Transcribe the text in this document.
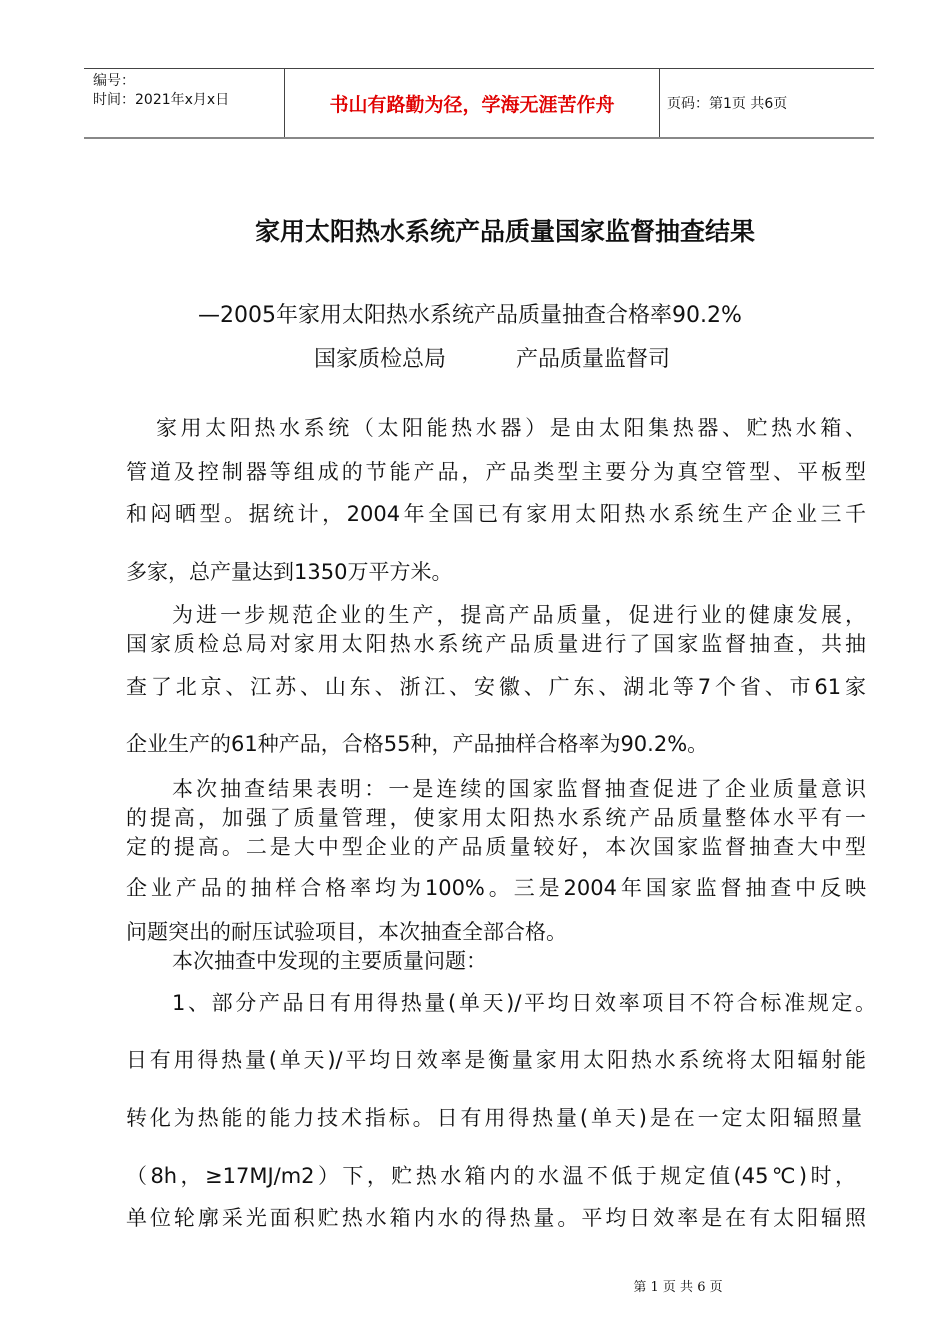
编号：
时间：2021年x月x日	书山有路勤为径，学海无涯苦作舟	页码：第1页 共6页
家用太阳热水系统产品质量国家监督抽查结果
—2005年家用太阳热水系统产品质量抽查合格率90.2%
国家质检总局	产品质量监督司
家用太阳热水系统（太阳能热水器）是由太阳集热器、贮热水箱、
管道及控制器等组成的节能产品，产品类型主要分为真空管型、平板型
和闷晒型。据统计，2004年全国已有家用太阳热水系统生产企业三千
多家，总产量达到1350万平方米。
为进一步规范企业的生产，提高产品质量，促进行业的健康发展，
国家质检总局对家用太阳热水系统产品质量进行了国家监督抽查，共抽
查了北京、江苏、山东、浙江、安徽、广东、湖北等7个省、市61家
企业生产的61种产品，合格55种，产品抽样合格率为90.2%。
本次抽查结果表明：一是连续的国家监督抽查促进了企业质量意识
的提高，加强了质量管理，使家用太阳热水系统产品质量整体水平有一
定的提高。二是大中型企业的产品质量较好，本次国家监督抽查大中型
企业产品的抽样合格率均为100%。三是2004年国家监督抽查中反映
问题突出的耐压试验项目，本次抽查全部合格。
本次抽查中发现的主要质量问题：
1、部分产品日有用得热量(单天)/平均日效率项目不符合标准规定。
日有用得热量(单天)/平均日效率是衡量家用太阳热水系统将太阳辐射能
转化为热能的能力技术指标。日有用得热量(单天)是在一定太阳辐照量
（8h，≥17MJ/m2）下，贮热水箱内的水温不低于规定值(45℃)时，
单位轮廓采光面积贮热水箱内水的得热量。平均日效率是在有太阳辐照
第 1 页 共 6 页
